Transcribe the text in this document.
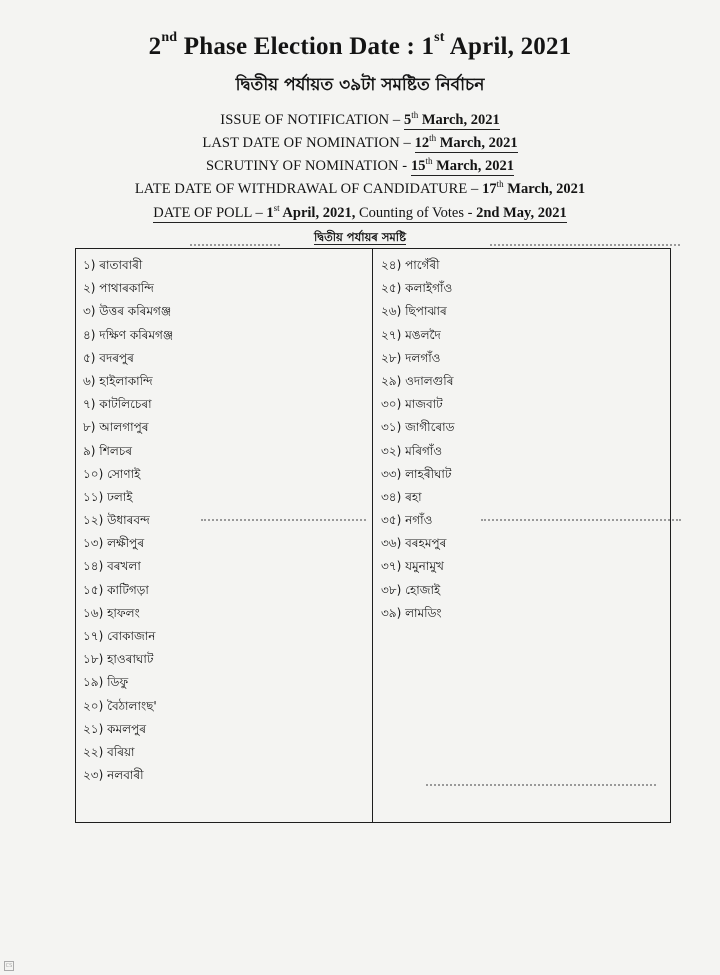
2nd Phase Election Date : 1st April, 2021
দ্বিতীয় পৰ্যায়ত ৩৯টা সমষ্টিত নিৰ্বাচন
ISSUE OF NOTIFICATION – 5th March, 2021
LAST DATE OF NOMINATION – 12th March, 2021
SCRUTINY OF NOMINATION - 15th March, 2021
LATE DATE OF WITHDRAWAL OF CANDIDATURE – 17th March, 2021
DATE OF POLL – 1st April, 2021, Counting of Votes - 2nd May, 2021
দ্বিতীয় পৰ্যায়ৰ সমষ্টি
১) ৰাতাবাৰী
২) পাথাৰকান্দি
৩) উত্তৰ কৰিমগঞ্জ
৪) দক্ষিণ কৰিমগঞ্জ
৫) বদৰপুৰ
৬) হাইলাকান্দি
৭) কাটলিচেৰা
৮) আলগাপুৰ
৯) শিলচৰ
১০) সোণাই
১১) ঢলাই
১২) উধাৰবন্দ
১৩) লক্ষীপুৰ
১৪) বৰখলা
১৫) কাটিগড়া
১৬) হাফলং
১৭) বোকাজান
১৮) হাওৰাঘাট
১৯) ডিফু
২০) বৈঠালাংছ'
২১) কমলপুৰ
২২) বৰিয়া
২৩) নলবাৰী
২৪) পাগেঁৰী
২৫) কলাইগাঁও
২৬) ছিপাঝাৰ
২৭) মঙলদৈ
২৮) দলগাঁও
২৯) ওদালগুৰি
৩০) মাজবাট
৩১) জাগীৰোড
৩২) মৰিগাঁও
৩৩) লাহৰীঘাট
৩৪) ৰহা
৩৫) নগাঁও
৩৬) বৰহমপুৰ
৩৭) যমুনামুখ
৩৮) হোজাই
৩৯) লামডিং
CS
